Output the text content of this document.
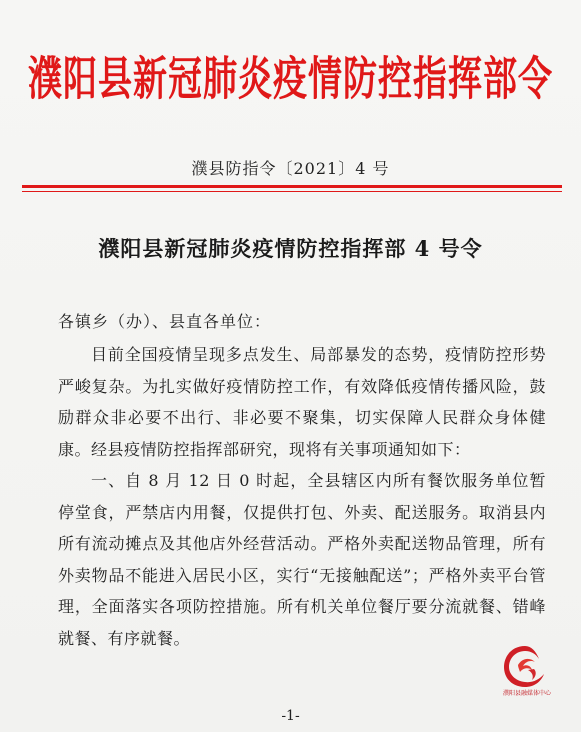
濮阳县新冠肺炎疫情防控指挥部令
濮县防指令〔2021〕4 号
濮阳县新冠肺炎疫情防控指挥部 4 号令
各镇乡（办）、县直各单位：

目前全国疫情呈现多点发生、局部暴发的态势，疫情防控形势严峻复杂。为扎实做好疫情防控工作，有效降低疫情传播风险，鼓励群众非必要不出行、非必要不聚集，切实保障人民群众身体健康。经县疫情防控指挥部研究，现将有关事项通知如下：

一、自 8 月 12 日 0 时起，全县辖区内所有餐饮服务单位暂停堂食，严禁店内用餐，仅提供打包、外卖、配送服务。取消县内所有流动摊点及其他店外经营活动。严格外卖配送物品管理，所有外卖物品不能进入居民小区，实行“无接触配送”；严格外卖平台管理，全面落实各项防控措施。所有机关单位餐厅要分流就餐、错峰就餐、有序就餐。

濮阳县融媒体中心
-1-
